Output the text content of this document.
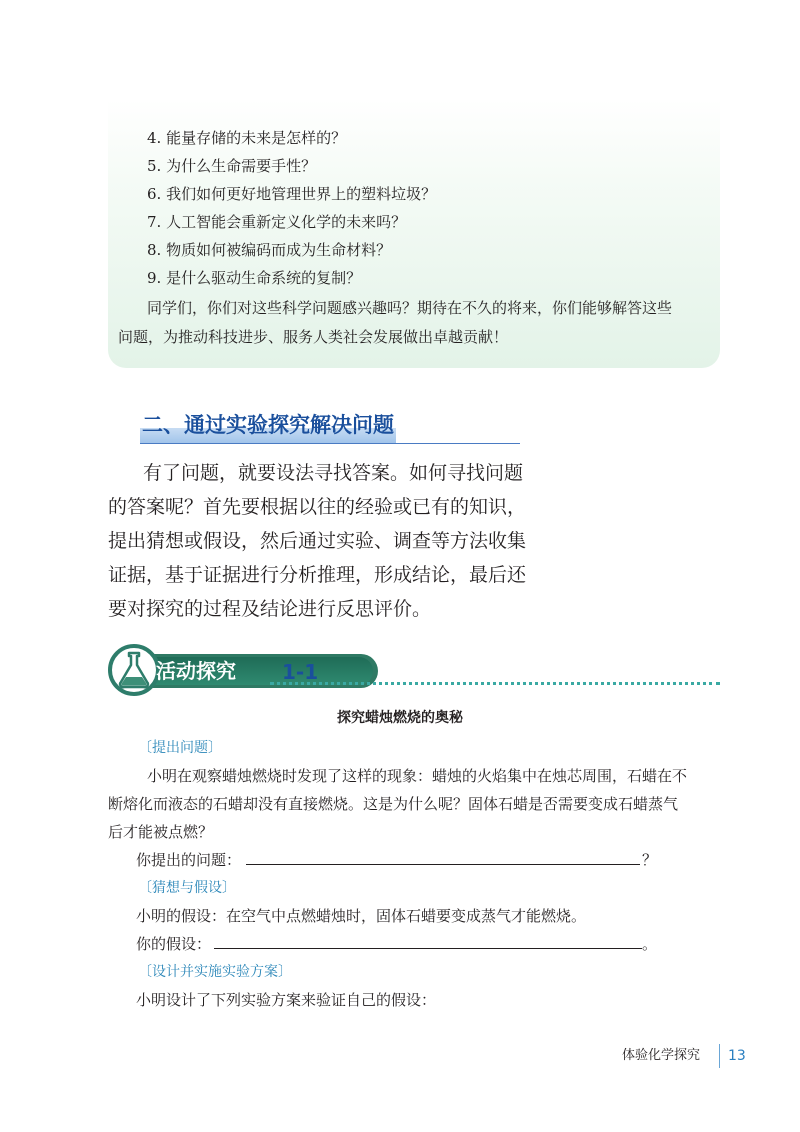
4. 能量存储的未来是怎样的？
5. 为什么生命需要手性？
6. 我们如何更好地管理世界上的塑料垃圾？
7. 人工智能会重新定义化学的未来吗？
8. 物质如何被编码而成为生命材料？
9. 是什么驱动生命系统的复制？
同学们，你们对这些科学问题感兴趣吗？期待在不久的将来，你们能够解答这些
问题，为推动科技进步、服务人类社会发展做出卓越贡献！
二、通过实验探究解决问题
有了问题，就要设法寻找答案。如何寻找问题
的答案呢？首先要根据以往的经验或已有的知识，
提出猜想或假设，然后通过实验、调查等方法收集
证据，基于证据进行分析推理，形成结论，最后还
要对探究的过程及结论进行反思评价。
活动探究 1-1
探究蜡烛燃烧的奥秘
〔提出问题〕
小明在观察蜡烛燃烧时发现了这样的现象：蜡烛的火焰集中在烛芯周围，石蜡在不
断熔化而液态的石蜡却没有直接燃烧。这是为什么呢？固体石蜡是否需要变成石蜡蒸气
后才能被点燃？
你提出的问题：	？
〔猜想与假设〕
小明的假设：在空气中点燃蜡烛时，固体石蜡要变成蒸气才能燃烧。
你的假设：	。
〔设计并实施实验方案〕
小明设计了下列实验方案来验证自己的假设：
体验化学探究 13
